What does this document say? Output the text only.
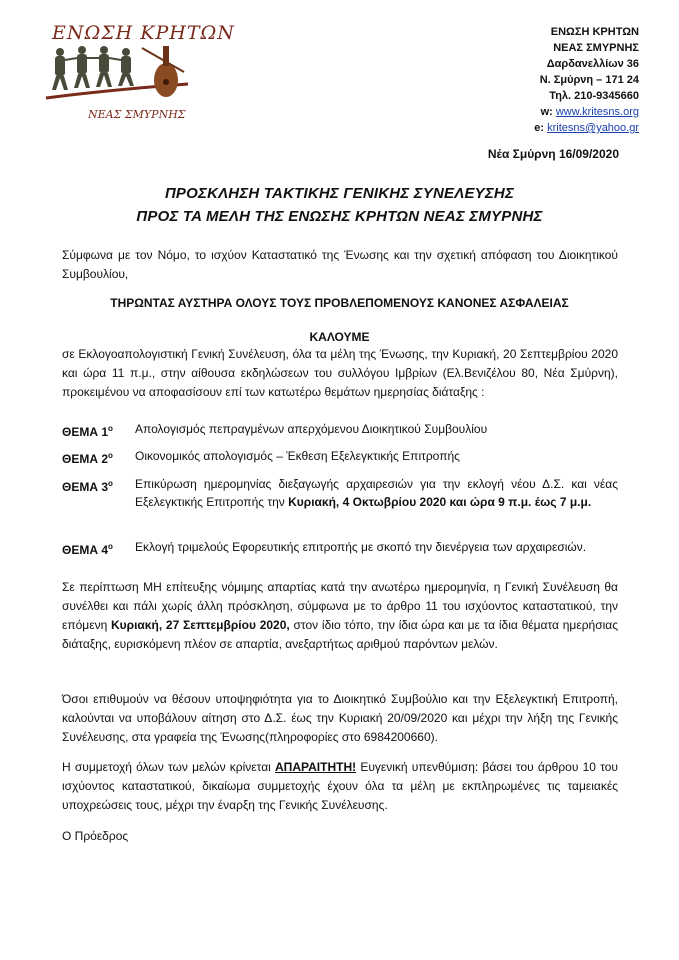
ΕΝΩΣΗ ΚΡΗΤΩΝ
ΝΕΑΣ ΣΜΥΡΝΗΣ
ΕΝΩΣΗ ΚΡΗΤΩΝ
ΝΕΑΣ ΣΜΥΡΝΗΣ
Δαρδανελλίων 36
Ν. Σμύρνη – 171 24
Τηλ. 210-9345660
w: www.kritesns.org
e: kritesns@yahoo.gr
Νέα Σμύρνη 16/09/2020
ΠΡΟΣΚΛΗΣΗ ΤΑΚΤΙΚΗΣ ΓΕΝΙΚΗΣ ΣΥΝΕΛΕΥΣΗΣ
ΠΡΟΣ ΤΑ ΜΕΛΗ ΤΗΣ ΕΝΩΣΗΣ ΚΡΗΤΩΝ ΝΕΑΣ ΣΜΥΡΝΗΣ
Σύμφωνα με τον Νόμο, το ισχύον Καταστατικό της Ένωσης και την σχετική απόφαση του Διοικητικού Συμβουλίου,
ΤΗΡΩΝΤΑΣ ΑΥΣΤΗΡΑ ΟΛΟΥΣ ΤΟΥΣ ΠΡΟΒΛΕΠΟΜΕΝΟΥΣ ΚΑΝΟΝΕΣ ΑΣΦΑΛΕΙΑΣ
ΚΑΛΟΥΜΕ
σε Εκλογοαπολογιστική Γενική Συνέλευση, όλα τα μέλη της Ένωσης, την Κυριακή, 20 Σεπτεμβρίου 2020 και ώρα 11 π.μ., στην αίθουσα εκδηλώσεων του συλλόγου Ιμβρίων (Ελ.Βενιζέλου 80, Νέα Σμύρνη), προκειμένου να αποφασίσουν επί των κατωτέρω θεμάτων ημερησίας διάταξης :
ΘΕΜΑ $1^o$ Απολογισμός πεπραγμένων απερχόμενου Διοικητικού Συμβουλίου
ΘΕΜΑ $2^o$ Οικονομικός απολογισμός – Έκθεση Εξελεγκτικής Επιτροπής
ΘΕΜΑ $3^o$ Επικύρωση ημερομηνίας διεξαγωγής αρχαιρεσιών για την εκλογή νέου Δ.Σ. και νέας Εξελεγκτικής Επιτροπής την Κυριακή, 4 Οκτωβρίου 2020 και ώρα 9 π.μ. έως 7 μ.μ.
ΘΕΜΑ $4^o$ Εκλογή τριμελούς Εφορευτικής επιτροπής με σκοπό την διενέργεια των αρχαιρεσιών.
Σε περίπτωση ΜΗ επίτευξης νόμιμης απαρτίας κατά την ανωτέρω ημερομηνία, η Γενική Συνέλευση θα συνέλθει και πάλι χωρίς άλλη πρόσκληση, σύμφωνα με το άρθρο 11 του ισχύοντος καταστατικού, την επόμενη Κυριακή, 27 Σεπτεμβρίου 2020, στον ίδιο τόπο, την ίδια ώρα και με τα ίδια θέματα ημερήσιας διάταξης, ευρισκόμενη πλέον σε απαρτία, ανεξαρτήτως αριθμού παρόντων μελών.
Όσοι επιθυμούν να θέσουν υποψηφιότητα για το Διοικητικό Συμβούλιο και την Εξελεγκτική Επιτροπή, καλούνται να υποβάλουν αίτηση στο Δ.Σ. έως την Κυριακή 20/09/2020 και μέχρι την λήξη της Γενικής Συνέλευσης, στα γραφεία της Ένωσης(πληροφορίες στο 6984200660).
Η συμμετοχή όλων των μελών κρίνεται ΑΠΑΡΑΙΤΗΤΗ! Ευγενική υπενθύμιση: βάσει του άρθρου 10 του ισχύοντος καταστατικού, δικαίωμα συμμετοχής έχουν όλα τα μέλη με εκπληρωμένες τις ταμειακές υποχρεώσεις τους, μέχρι την έναρξη της Γενικής Συνέλευσης.
Ο Πρόεδρος
